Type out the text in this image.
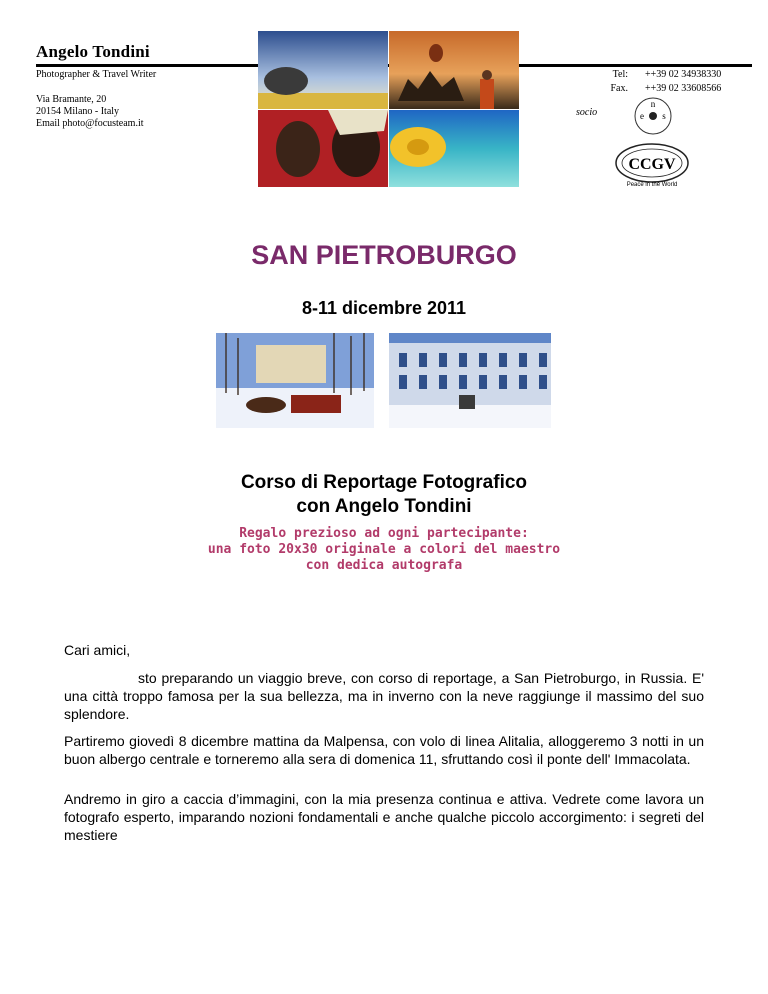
Angelo Tondini
Photographer & Travel Writer
Via Bramante, 20
20154 Milano - Italy
Email photo@focusteam.it
Tel: ++39 02 34938330
Fax. ++39 02 33608566
socio
n
e s
CCGV
Peace in the World
SAN PIETROBURGO
8-11 dicembre 2011
Corso di Reportage Fotografico
con Angelo Tondini
Regalo prezioso ad ogni partecipante:
una foto 20x30 originale a colori del maestro
con dedica autografa
Cari amici,
sto preparando un viaggio breve, con corso di reportage, a San Pietroburgo, in Russia. E' una città troppo famosa per la sua bellezza, ma in inverno con la neve raggiunge il massimo del suo splendore.
Partiremo giovedì 8 dicembre mattina da Malpensa, con volo di linea Alitalia, alloggeremo 3 notti in un buon albergo centrale e torneremo alla sera di domenica 11, sfruttando così il ponte dell' Immacolata.
Andremo in giro a caccia d’immagini, con la mia presenza continua e attiva. Vedrete come lavora un fotografo esperto, imparando nozioni fondamentali e anche qualche piccolo accorgimento: i segreti del mestiere
